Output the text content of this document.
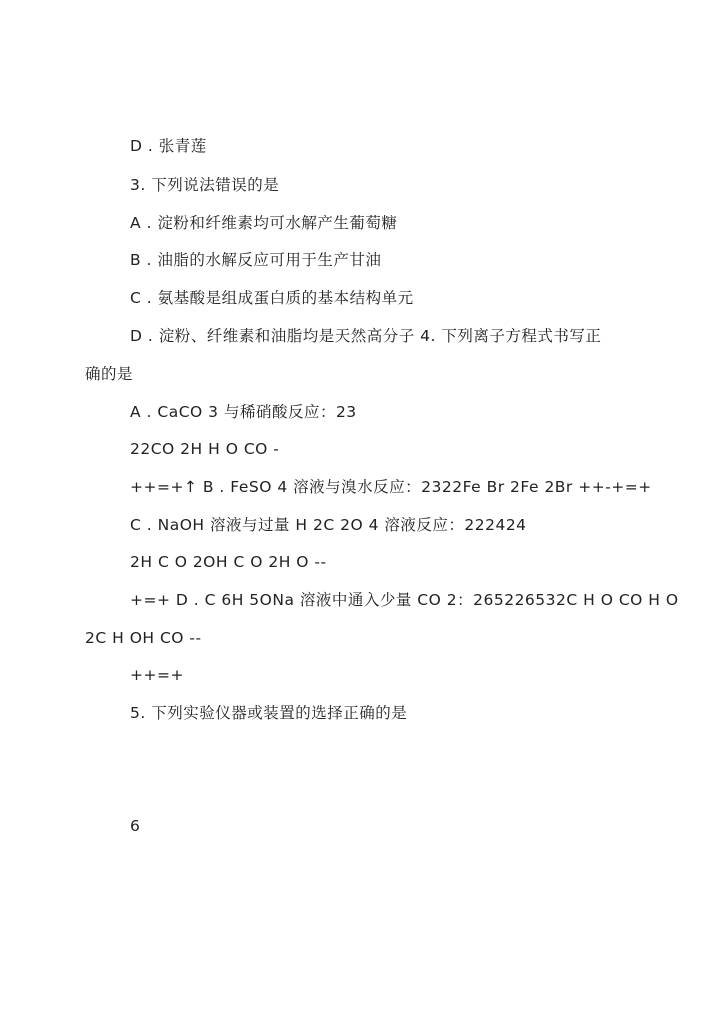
D . 张青莲
3. 下列说法错误的是
A . 淀粉和纤维素均可水解产生葡萄糖
B . 油脂的水解反应可用于生产甘油
C . 氨基酸是组成蛋白质的基本结构单元
D . 淀粉、纤维素和油脂均是天然高分子 4. 下列离子方程式书写正
确的是
A . CaCO 3 与稀硝酸反应：23
22CO 2H H O CO -
++=+↑ B . FeSO 4 溶液与溴水反应：2322Fe Br 2Fe 2Br ++-+=+
C . NaOH 溶液与过量 H 2C 2O 4 溶液反应：222424
2H C O 2OH C O 2H O --
+=+ D . C 6H 5ONa 溶液中通入少量 CO 2：265226532C H O CO H O
2C H OH CO --
++=+
5. 下列实验仪器或装置的选择正确的是
6
